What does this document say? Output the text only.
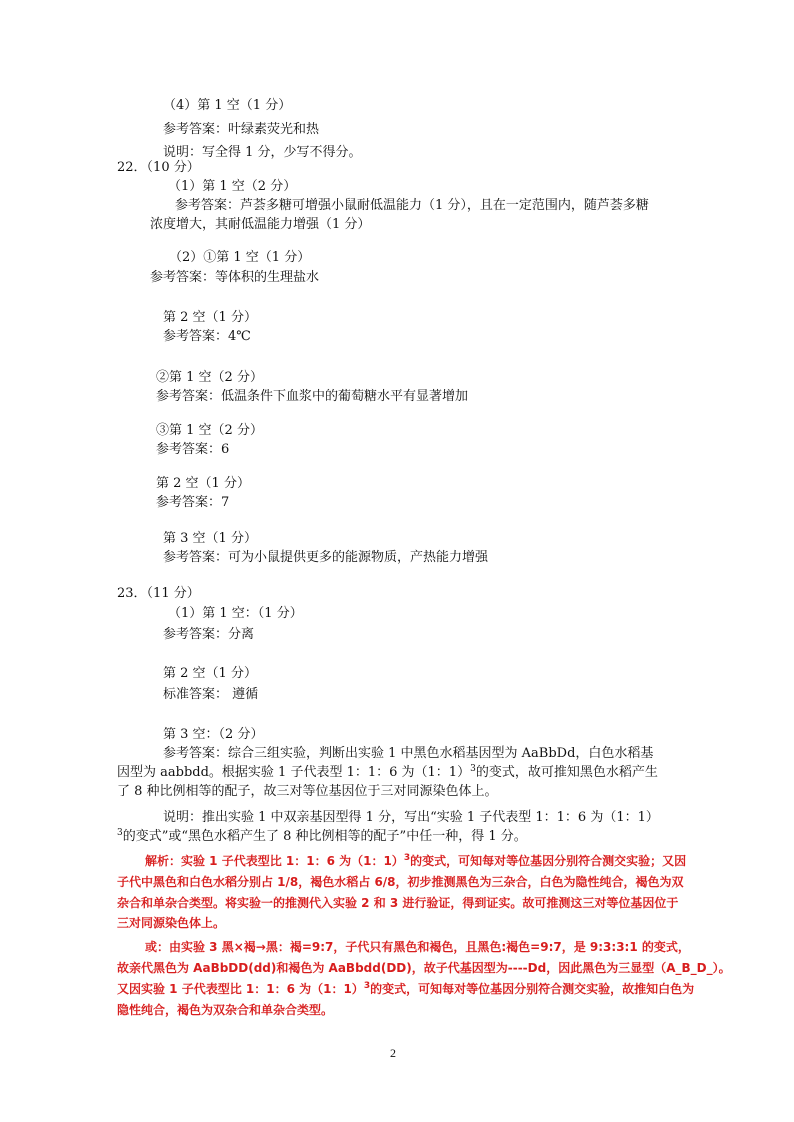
（4）第 1 空（1 分）
参考答案：叶绿素荧光和热
说明：写全得 1 分，少写不得分。
22．（10 分）
（1）第 1 空（2 分）
参考答案：芦荟多糖可增强小鼠耐低温能力（1 分），且在一定范围内，随芦荟多糖
浓度增大，其耐低温能力增强（1 分）
（2）①第 1 空（1 分）
参考答案：等体积的生理盐水
第 2 空（1 分）
参考答案：4℃
②第 1 空（2 分）
参考答案：低温条件下血浆中的葡萄糖水平有显著增加
③第 1 空（2 分）
参考答案：6
第 2 空（1 分）
参考答案：7
第 3 空（1 分）
参考答案：可为小鼠提供更多的能源物质，产热能力增强
23．（11 分）
（1）第 1 空：（1 分）
参考答案：分离
第 2 空（1 分）
标准答案： 遵循
第 3 空：（2 分）
参考答案：综合三组实验，判断出实验 1 中黑色水稻基因型为 AaBbDd，白色水稻基
因型为 aabbdd。根据实验 1 子代表型 1：1：6 为（1：1）$^3$的变式，故可推知黑色水稻产生
了 8 种比例相等的配子，故三对等位基因位于三对同源染色体上。
说明：推出实验 1 中双亲基因型得 1 分，写出“实验 1 子代表型 1：1：6 为（1：1）
$^3$的变式”或“黑色水稻产生了 8 种比例相等的配子”中任一种，得 1 分。
解析：实验 1 子代表型比 1：1：6 为（1：1）$^3$的变式，可知每对等位基因分别符合测交实验；又因
子代中黑色和白色水稻分别占 1/8，褐色水稻占 6/8，初步推测黑色为三杂合，白色为隐性纯合，褐色为双
杂合和单杂合类型。将实验一的推测代入实验 2 和 3 进行验证，得到证实。故可推测这三对等位基因位于
三对同源染色体上。
或：由实验 3 黑×褐→黑：褐=9:7，子代只有黑色和褐色，且黑色:褐色=9:7，是 9:3:3:1 的变式，
故亲代黑色为 AaBbDD(dd)和褐色为 AaBbdd(DD)，故子代基因型为----Dd，因此黑色为三显型（A_B_D_）。
又因实验 1 子代表型比 1：1：6 为（1：1）$^3$的变式，可知每对等位基因分别符合测交实验，故推知白色为
隐性纯合，褐色为双杂合和单杂合类型。
2
